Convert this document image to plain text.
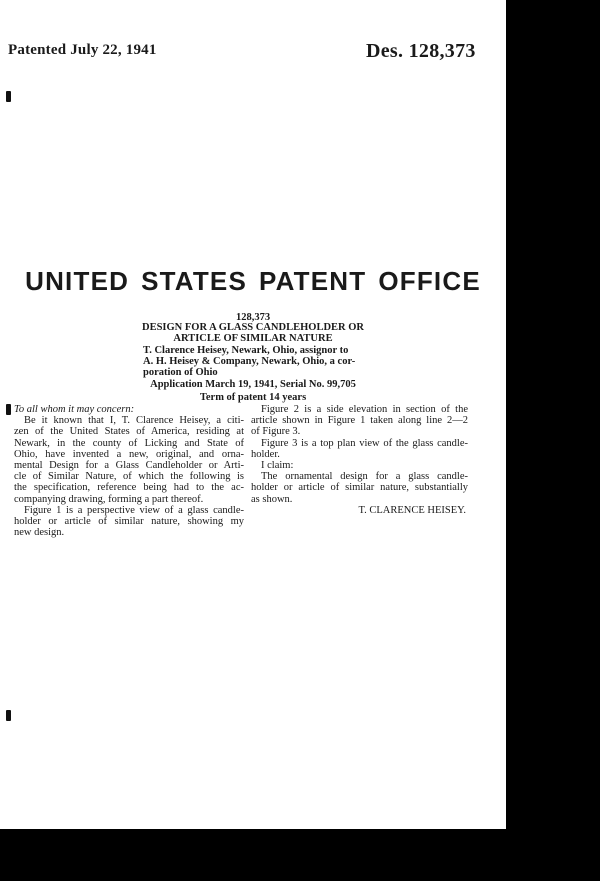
Patented July 22, 1941	Des. 128,373
UNITED STATES PATENT OFFICE
128,373
DESIGN FOR A GLASS CANDLEHOLDER OR
ARTICLE OF SIMILAR NATURE
T. Clarence Heisey, Newark, Ohio, assignor to
A. H. Heisey & Company, Newark, Ohio, a cor-
poration of Ohio
Application March 19, 1941, Serial No. 99,705
Term of patent 14 years

To all whom it may concern:

Be it known that I, T. Clarence Heisey, a citi-

zen of the United States of America, residing at

Newark, in the county of Licking and State of

Ohio, have invented a new, original, and orna-

mental Design for a Glass Candleholder or Arti-

cle of Similar Nature, of which the following is

the specification, reference being had to the ac-

companying drawing, forming a part thereof.

Figure 1 is a perspective view of a glass candle-

holder or article of similar nature, showing my

new design.

Figure 2 is a side elevation in section of the

article shown in Figure 1 taken along line 2—2

of Figure 3.

Figure 3 is a top plan view of the glass candle-

holder.

I claim:

The ornamental design for a glass candle-

holder or article of similar nature, substantially

as shown.

T. CLARENCE HEISEY.
